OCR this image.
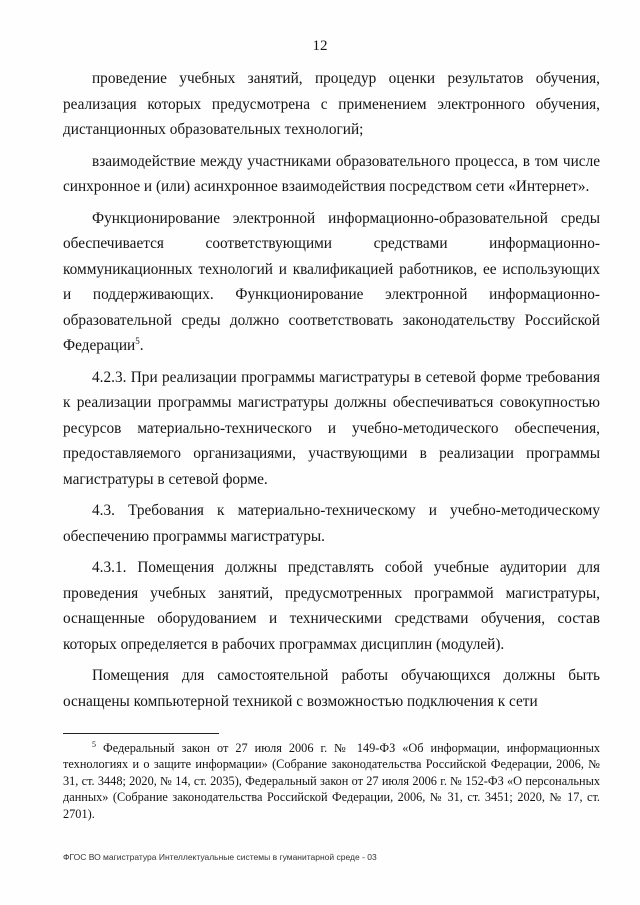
12

проведение учебных занятий, процедур оценки результатов обучения, реализация которых предусмотрена с применением электронного обучения, дистанционных образовательных технологий;

взаимодействие между участниками образовательного процесса, в том числе синхронное и (или) асинхронное взаимодействия посредством сети «Интернет».

Функционирование электронной информационно-образовательной среды обеспечивается соответствующими средствами информационно-коммуникационных технологий и квалификацией работников, ее использующих и поддерживающих. Функционирование электронной информационно-образовательной среды должно соответствовать законодательству Российской Федерации$^5$.

4.2.3. При реализации программы магистратуры в сетевой форме требования к реализации программы магистратуры должны обеспечиваться совокупностью ресурсов материально-технического и учебно-методического обеспечения, предоставляемого организациями, участвующими в реализации программы магистратуры в сетевой форме.

4.3. Требования к материально-техническому и учебно-методическому обеспечению программы магистратуры.

4.3.1. Помещения должны представлять собой учебные аудитории для проведения учебных занятий, предусмотренных программой магистратуры, оснащенные оборудованием и техническими средствами обучения, состав которых определяется в рабочих программах дисциплин (модулей).

Помещения для самостоятельной работы обучающихся должны быть оснащены компьютерной техникой с возможностью подключения к сети

$^5$ Федеральный закон от 27 июля 2006 г. № 149-ФЗ «Об информации, информационных технологиях и о защите информации» (Собрание законодательства Российской Федерации, 2006, № 31, ст. 3448; 2020, № 14, ст. 2035), Федеральный закон от 27 июля 2006 г. № 152-ФЗ «О персональных данных» (Собрание законодательства Российской Федерации, 2006, № 31, ст. 3451; 2020, № 17, ст. 2701).

ФГОС ВО магистратура Интеллектуальные системы в гуманитарной среде - 03
